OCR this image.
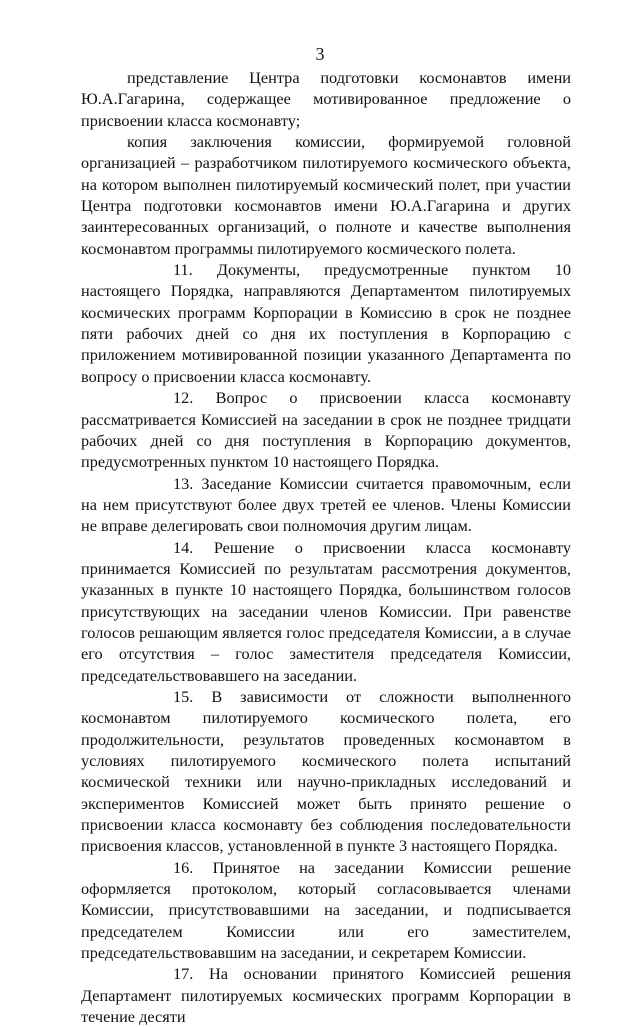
3

представление Центра подготовки космонавтов имени Ю.А.Гагарина, содержащее мотивированное предложение о присвоении класса космонавту;

копия заключения комиссии, формируемой головной организацией – разработчиком пилотируемого космического объекта, на котором выполнен пилотируемый космический полет, при участии Центра подготовки космонавтов имени Ю.А.Гагарина и других заинтересованных организаций, о полноте и качестве выполнения космонавтом программы пилотируемого космического полета.

11. Документы, предусмотренные пунктом 10 настоящего Порядка, направляются Департаментом пилотируемых космических программ Корпорации в Комиссию в срок не позднее пяти рабочих дней со дня их поступления в Корпорацию с приложением мотивированной позиции указанного Департамента по вопросу о присвоении класса космонавту.

12. Вопрос о присвоении класса космонавту рассматривается Комиссией на заседании в срок не позднее тридцати рабочих дней со дня поступления в Корпорацию документов, предусмотренных пунктом 10 настоящего Порядка.

13. Заседание Комиссии считается правомочным, если на нем присутствуют более двух третей ее членов. Члены Комиссии не вправе делегировать свои полномочия другим лицам.

14. Решение о присвоении класса космонавту принимается Комиссией по результатам рассмотрения документов, указанных в пункте 10 настоящего Порядка, большинством голосов присутствующих на заседании членов Комиссии. При равенстве голосов решающим является голос председателя Комиссии, а в случае его отсутствия – голос заместителя председателя Комиссии, председательствовавшего на заседании.

15. В зависимости от сложности выполненного космонавтом пилотируемого космического полета, его продолжительности, результатов проведенных космонавтом в условиях пилотируемого космического полета испытаний космической техники или научно-прикладных исследований и экспериментов Комиссией может быть принято решение о присвоении класса космонавту без соблюдения последовательности присвоения классов, установленной в пункте 3 настоящего Порядка.

16. Принятое на заседании Комиссии решение оформляется протоколом, который согласовывается членами Комиссии, присутствовавшими на заседании, и подписывается председателем Комиссии или его заместителем, председательствовавшим на заседании, и секретарем Комиссии.

17. На основании принятого Комиссией решения Департамент пилотируемых космических программ Корпорации в течение десяти
